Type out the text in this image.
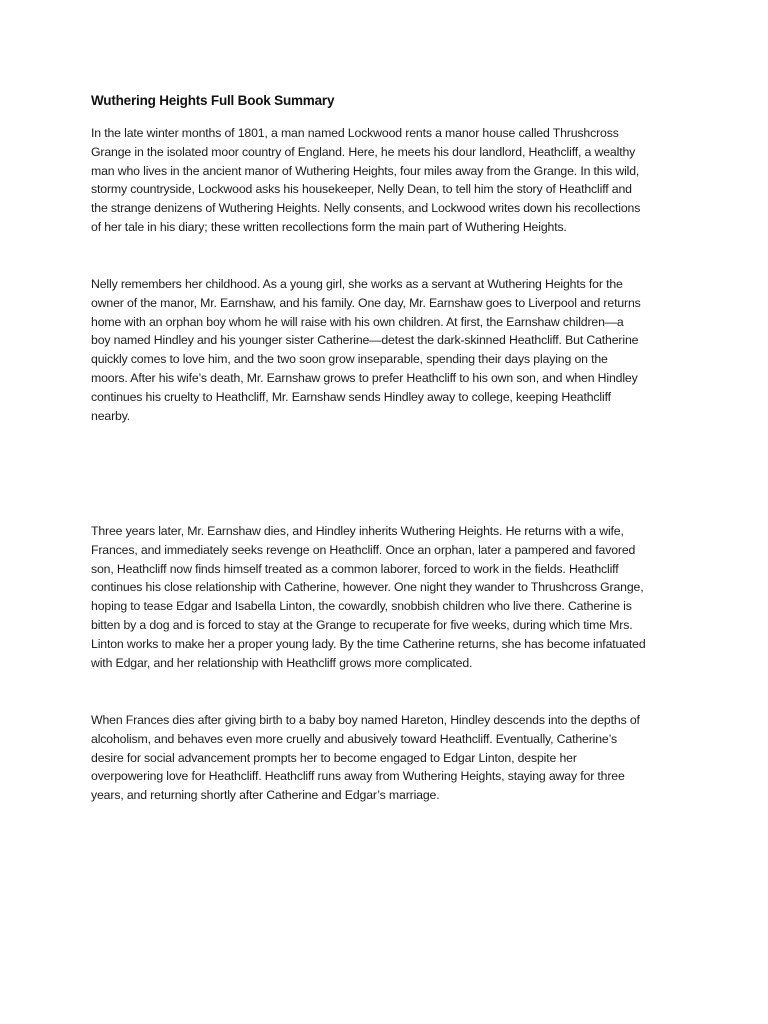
Wuthering Heights Full Book Summary

In the late winter months of 1801, a man named Lockwood rents a manor house called Thrushcross
Grange in the isolated moor country of England. Here, he meets his dour landlord, Heathcliff, a wealthy
man who lives in the ancient manor of Wuthering Heights, four miles away from the Grange. In this wild,
stormy countryside, Lockwood asks his housekeeper, Nelly Dean, to tell him the story of Heathcliff and
the strange denizens of Wuthering Heights. Nelly consents, and Lockwood writes down his recollections
of her tale in his diary; these written recollections form the main part of Wuthering Heights.

Nelly remembers her childhood. As a young girl, she works as a servant at Wuthering Heights for the
owner of the manor, Mr. Earnshaw, and his family. One day, Mr. Earnshaw goes to Liverpool and returns
home with an orphan boy whom he will raise with his own children. At first, the Earnshaw children—a
boy named Hindley and his younger sister Catherine—detest the dark-skinned Heathcliff. But Catherine
quickly comes to love him, and the two soon grow inseparable, spending their days playing on the
moors. After his wife’s death, Mr. Earnshaw grows to prefer Heathcliff to his own son, and when Hindley
continues his cruelty to Heathcliff, Mr. Earnshaw sends Hindley away to college, keeping Heathcliff
nearby.

Three years later, Mr. Earnshaw dies, and Hindley inherits Wuthering Heights. He returns with a wife,
Frances, and immediately seeks revenge on Heathcliff. Once an orphan, later a pampered and favored
son, Heathcliff now finds himself treated as a common laborer, forced to work in the fields. Heathcliff
continues his close relationship with Catherine, however. One night they wander to Thrushcross Grange,
hoping to tease Edgar and Isabella Linton, the cowardly, snobbish children who live there. Catherine is
bitten by a dog and is forced to stay at the Grange to recuperate for five weeks, during which time Mrs.
Linton works to make her a proper young lady. By the time Catherine returns, she has become infatuated
with Edgar, and her relationship with Heathcliff grows more complicated.

When Frances dies after giving birth to a baby boy named Hareton, Hindley descends into the depths of
alcoholism, and behaves even more cruelly and abusively toward Heathcliff. Eventually, Catherine’s
desire for social advancement prompts her to become engaged to Edgar Linton, despite her
overpowering love for Heathcliff. Heathcliff runs away from Wuthering Heights, staying away for three
years, and returning shortly after Catherine and Edgar’s marriage.
